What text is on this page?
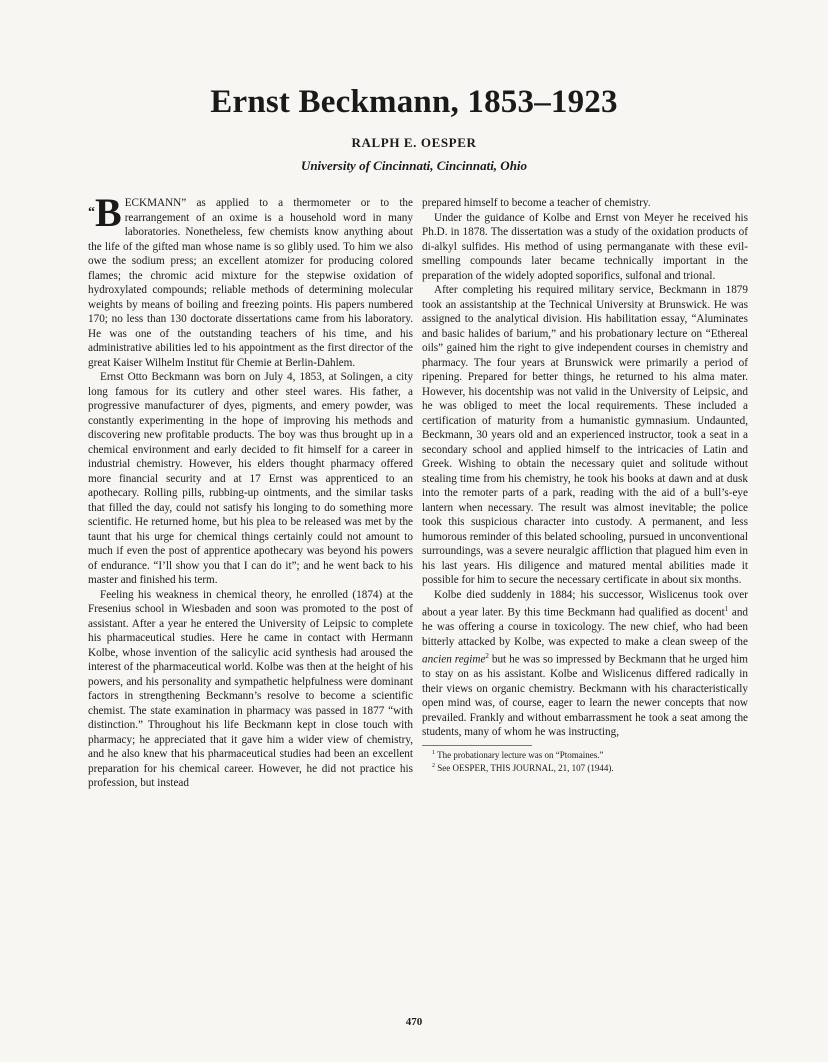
Ernst Beckmann, 1853–1923
RALPH E. OESPER
University of Cincinnati, Cincinnati, Ohio

“B ECKMANN” as applied to a thermometer or to the rearrangement of an oxime is a household word in many laboratories. Nonetheless, few chemists know anything about the life of the gifted man whose name is so glibly used. To him we also owe the sodium press; an excellent atomizer for producing colored flames; the chromic acid mixture for the stepwise oxidation of hydroxylated compounds; reliable methods of determining molecular weights by means of boiling and freezing points. His papers numbered 170; no less than 130 doctorate dissertations came from his laboratory. He was one of the outstanding teachers of his time, and his administrative abilities led to his appointment as the first director of the great Kaiser Wilhelm Institut für Chemie at Berlin-Dahlem.

Ernst Otto Beckmann was born on July 4, 1853, at Solingen, a city long famous for its cutlery and other steel wares. His father, a progressive manufacturer of dyes, pigments, and emery powder, was constantly experimenting in the hope of improving his methods and discovering new profitable products. The boy was thus brought up in a chemical environment and early decided to fit himself for a career in industrial chemistry. However, his elders thought pharmacy offered more financial security and at 17 Ernst was apprenticed to an apothecary. Rolling pills, rubbing-up ointments, and the similar tasks that filled the day, could not satisfy his longing to do something more scientific. He returned home, but his plea to be released was met by the taunt that his urge for chemical things certainly could not amount to much if even the post of apprentice apothecary was beyond his powers of endurance. “I’ll show you that I can do it”; and he went back to his master and finished his term.

Feeling his weakness in chemical theory, he enrolled (1874) at the Fresenius school in Wiesbaden and soon was promoted to the post of assistant. After a year he entered the University of Leipsic to complete his pharmaceutical studies. Here he came in contact with Hermann Kolbe, whose invention of the salicylic acid synthesis had aroused the interest of the pharmaceutical world. Kolbe was then at the height of his powers, and his personality and sympathetic helpfulness were dominant factors in strengthening Beckmann’s resolve to become a scientific chemist. The state examination in pharmacy was passed in 1877 “with distinction.” Throughout his life Beckmann kept in close touch with pharmacy; he appreciated that it gave him a wider view of chemistry, and he also knew that his pharmaceutical studies had been an excellent preparation for his chemical career. However, he did not practice his profession, but instead

prepared himself to become a teacher of chemistry.

Under the guidance of Kolbe and Ernst von Meyer he received his Ph.D. in 1878. The dissertation was a study of the oxidation products of di-alkyl sulfides. His method of using permanganate with these evil-smelling compounds later became technically important in the preparation of the widely adopted soporifics, sulfonal and trional.

After completing his required military service, Beckmann in 1879 took an assistantship at the Technical University at Brunswick. He was assigned to the analytical division. His habilitation essay, “Aluminates and basic halides of barium,” and his probationary lecture on “Ethereal oils” gained him the right to give independent courses in chemistry and pharmacy. The four years at Brunswick were primarily a period of ripening. Prepared for better things, he returned to his alma mater. However, his docentship was not valid in the University of Leipsic, and he was obliged to meet the local requirements. These included a certification of maturity from a humanistic gymnasium. Undaunted, Beckmann, 30 years old and an experienced instructor, took a seat in a secondary school and applied himself to the intricacies of Latin and Greek. Wishing to obtain the necessary quiet and solitude without stealing time from his chemistry, he took his books at dawn and at dusk into the remoter parts of a park, reading with the aid of a bull’s-eye lantern when necessary. The result was almost inevitable; the police took this suspicious character into custody. A permanent, and less humorous reminder of this belated schooling, pursued in unconventional surroundings, was a severe neuralgic affliction that plagued him even in his last years. His diligence and matured mental abilities made it possible for him to secure the necessary certificate in about six months.

Kolbe died suddenly in 1884; his successor, Wislicenus took over about a year later. By this time Beckmann had qualified as docent$^1$ and he was offering a course in toxicology. The new chief, who had been bitterly attacked by Kolbe, was expected to make a clean sweep of the ancien regime$^2$ but he was so impressed by Beckmann that he urged him to stay on as his assistant. Kolbe and Wislicenus differed radically in their views on organic chemistry. Beckmann with his characteristically open mind was, of course, eager to learn the newer concepts that now prevailed. Frankly and without embarrassment he took a seat among the students, many of whom he was instructing,

$^1$ The probationary lecture was on “Ptomaines.”
$^2$ See OESPER, THIS JOURNAL, 21, 107 (1944).
470
